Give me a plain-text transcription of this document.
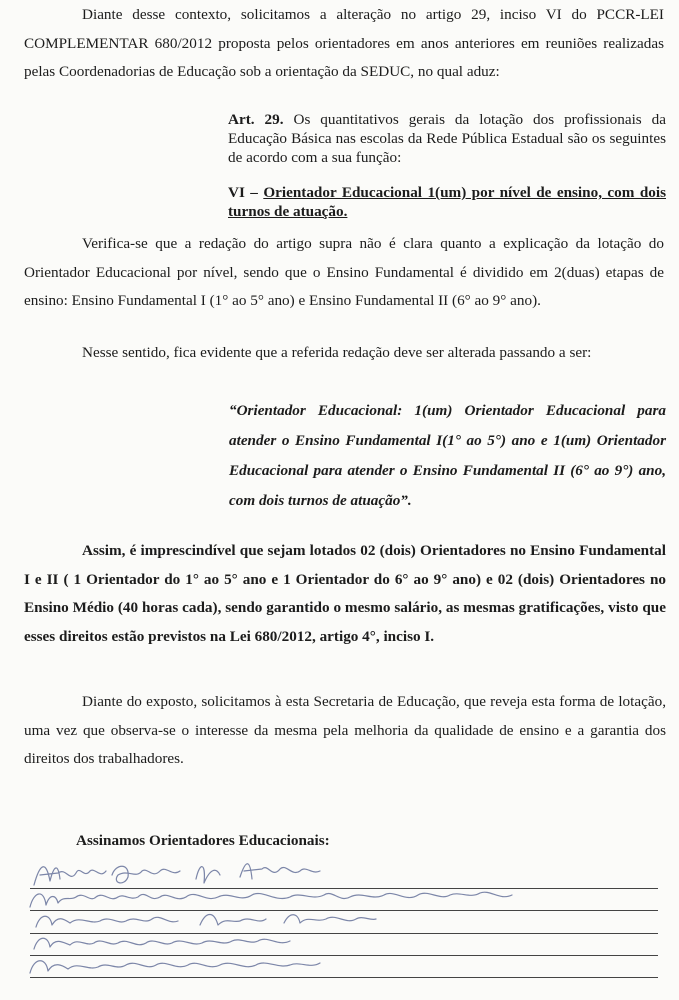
Diante desse contexto, solicitamos a alteração no artigo 29, inciso VI do PCCR-LEI COMPLEMENTAR 680/2012 proposta pelos orientadores em anos anteriores em reuniões realizadas pelas Coordenadorias de Educação sob a orientação da SEDUC, no qual aduz:

Art. 29. Os quantitativos gerais da lotação dos profissionais da Educação Básica nas escolas da Rede Pública Estadual são os seguintes de acordo com a sua função:
VI – Orientador Educacional 1(um) por nível de ensino, com dois turnos de atuação.

Verifica-se que a redação do artigo supra não é clara quanto a explicação da lotação do Orientador Educacional por nível, sendo que o Ensino Fundamental é dividido em 2(duas) etapas de ensino: Ensino Fundamental I (1° ao 5° ano) e Ensino Fundamental II (6° ao 9° ano).

Nesse sentido, fica evidente que a referida redação deve ser alterada passando a ser:

“Orientador Educacional: 1(um) Orientador Educacional para atender o Ensino Fundamental I(1° ao 5°) ano e 1(um) Orientador Educacional para atender o Ensino Fundamental II (6° ao 9°) ano, com dois turnos de atuação”.

Assim, é imprescindível que sejam lotados 02 (dois) Orientadores no Ensino Fundamental I e II ( 1 Orientador do 1° ao 5° ano e 1 Orientador do 6° ao 9° ano) e 02 (dois) Orientadores no Ensino Médio (40 horas cada), sendo garantido o mesmo salário, as mesmas gratificações, visto que esses direitos estão previstos na Lei 680/2012, artigo 4°, inciso I.

Diante do exposto, solicitamos à esta Secretaria de Educação, que reveja esta forma de lotação, uma vez que observa-se o interesse da mesma pela melhoria da qualidade de ensino e a garantia dos direitos dos trabalhadores.

Assinamos Orientadores Educacionais:
